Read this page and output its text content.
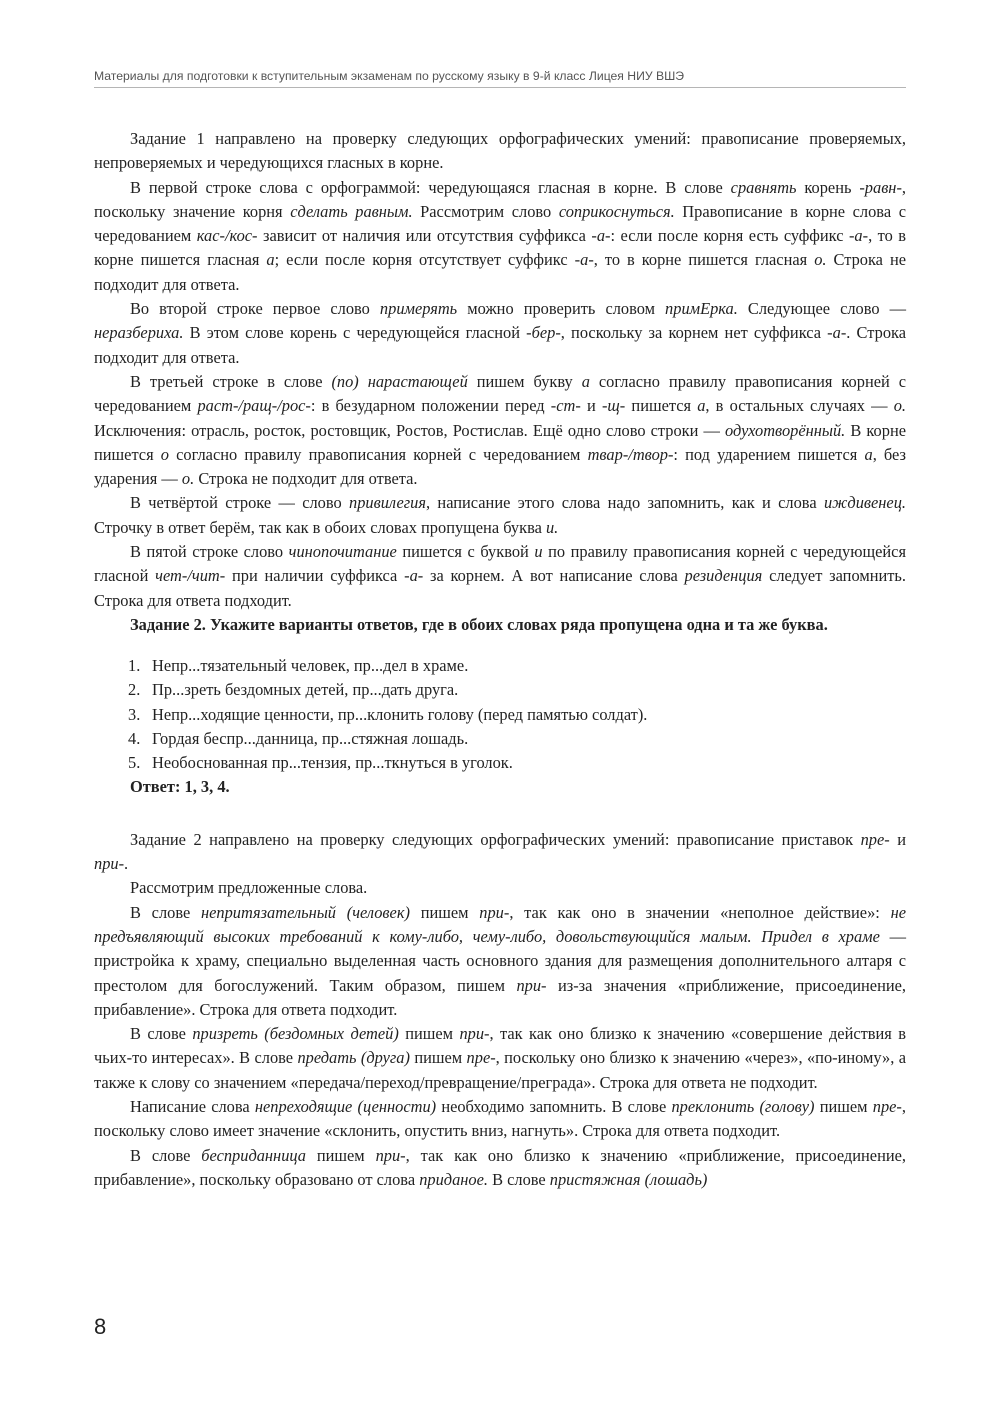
Материалы для подготовки к вступительным экзаменам по русскому языку в 9-й класс Лицея НИУ ВШЭ

Задание 1 направлено на проверку следующих орфографических умений: правописание проверяемых, непроверяемых и чередующихся гласных в корне.

В первой строке слова с орфограммой: чередующаяся гласная в корне. В слове сравнять корень -равн-, поскольку значение корня сделать равным. Рассмотрим слово соприкоснуться. Правописание в корне слова с чередованием кас-/кос- зависит от наличия или отсутствия суффикса -а-: если после корня есть суффикс -а-, то в корне пишется гласная а; если после корня отсутствует суффикс -а-, то в корне пишется гласная о. Строка не подходит для ответа.

Во второй строке первое слово примерять можно проверить словом примЕрка. Следующее слово — неразбериха. В этом слове корень с чередующейся гласной -бер-, поскольку за корнем нет суффикса -а-. Строка подходит для ответа.

В третьей строке в слове (по) нарастающей пишем букву а согласно правилу правописания корней с чередованием раст-/ращ-/рос-: в безударном положении перед -ст- и -щ- пишется а, в остальных случаях — о. Исключения: отрасль, росток, ростовщик, Ростов, Ростислав. Ещё одно слово строки — одухотворённый. В корне пишется о согласно правилу правописания корней с чередованием твар-/твор-: под ударением пишется а, без ударения — о. Строка не подходит для ответа.

В четвёртой строке — слово привилегия, написание этого слова надо запомнить, как и слова иждивенец. Строчку в ответ берём, так как в обоих словах пропущена буква и.

В пятой строке слово чинопочитание пишется с буквой и по правилу правописания корней с чередующейся гласной чет-/чит- при наличии суффикса -а- за корнем. А вот написание слова резиденция следует запомнить. Строка для ответа подходит.

Задание 2. Укажите варианты ответов, где в обоих словах ряда пропущена одна и та же буква.

1. Непр...тязательный человек, пр...дел в храме.
2. Пр...зреть бездомных детей, пр...дать друга.
3. Непр...ходящие ценности, пр...клонить голову (перед памятью солдат).
4. Гордая беспр...данница, пр...стяжная лошадь.
5. Необоснованная пр...тензия, пр...ткнуться в уголок.

Ответ: 1, 3, 4.

Задание 2 направлено на проверку следующих орфографических умений: правописание приставок пре- и при-.

Рассмотрим предложенные слова.

В слове непритязательный (человек) пишем при-, так как оно в значении «неполное действие»: не предъявляющий высоких требований к кому-либо, чему-либо, довольствующийся малым. Придел в храме — пристройка к храму, специально выделенная часть основного здания для размещения дополнительного алтаря с престолом для богослужений. Таким образом, пишем при- из-за значения «приближение, присоединение, прибавление». Строка для ответа подходит.

В слове призреть (бездомных детей) пишем при-, так как оно близко к значению «совершение действия в чьих-то интересах». В слове предать (друга) пишем пре-, поскольку оно близко к значению «через», «по-иному», а также к слову со значением «передача/переход/превращение/преграда». Строка для ответа не подходит.

Написание слова непреходящие (ценности) необходимо запомнить. В слове преклонить (голову) пишем пре-, поскольку слово имеет значение «склонить, опустить вниз, нагнуть». Строка для ответа подходит.

В слове бесприданница пишем при-, так как оно близко к значению «приближение, присоединение, прибавление», поскольку образовано от слова приданое. В слове пристяжная (лошадь)

8
